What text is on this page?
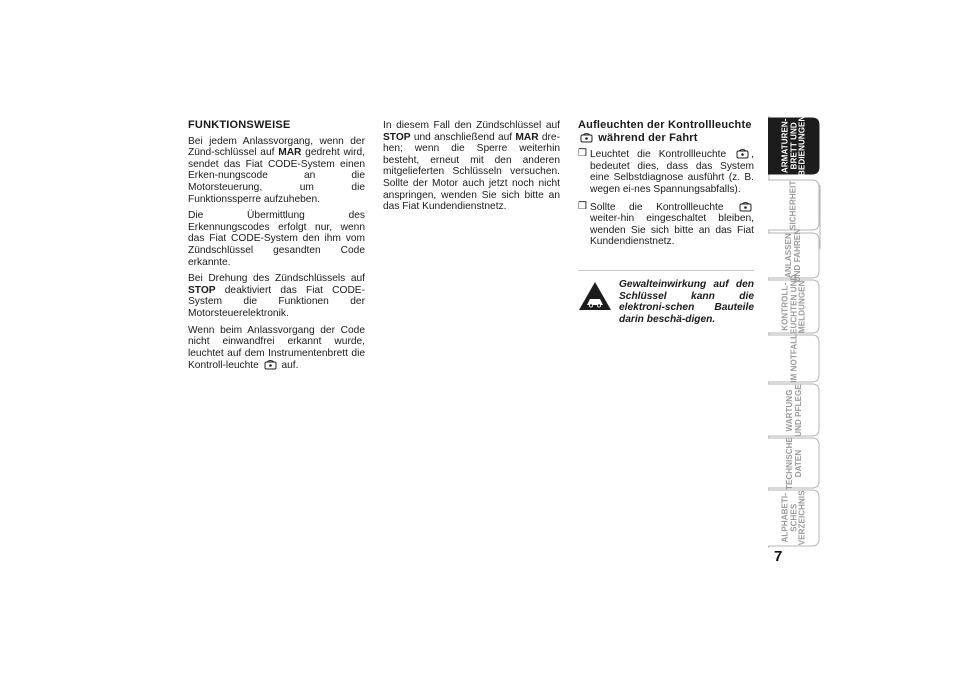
FUNKTIONSWEISE

Bei jedem Anlassvorgang, wenn der Zünd-schlüssel auf MAR gedreht wird, sendet das Fiat CODE-System einen Erken-nungscode an die Motorsteuerung, um die Funktionssperre aufzuheben.

Die Übermittlung des Erkennungscodes erfolgt nur, wenn das Fiat CODE-System den ihm vom Zündschlüssel gesandten Code erkannte.

Bei Drehung des Zündschlüssels auf STOP deaktiviert das Fiat CODE-System die Funktionen der Motorsteuerelektronik.

Wenn beim Anlassvorgang der Code nicht einwandfrei erkannt wurde, leuchtet auf dem Instrumentenbrett die Kontroll-leuchte
auf.

In diesem Fall den Zündschlüssel auf STOP und anschließend auf MAR dre-hen; wenn die Sperre weiterhin besteht, erneut mit den anderen mitgelieferten Schlüsseln versuchen. Sollte der Motor auch jetzt noch nicht anspringen, wenden Sie sich bitte an das Fiat Kundendienstnetz.

Aufleuchten der Kontrollleuchte

während der Fahrt
❒ Leuchtet die Kontrollleuchte
, bedeutet dies, dass das System eine Selbstdiagnose ausführt (z. B. wegen ei-nes Spannungsabfalls).
❒ Sollte die Kontrollleuchte
weiter-hin eingeschaltet bleiben, wenden Sie sich bitte an das Fiat Kundendienstnetz.
Gewalteinwirkung auf den Schlüssel kann die elektroni-schen Bauteile darin beschä-digen.
ARMATUREN-
BRETT UND
BEDIENUNGEN
SICHERHEIT
ANLASSEN
UND FAHREN
KONTROLL-
LEUCHTEN UND
MELDUNGEN
IM NOTFALL
WARTUNG
UND PFLEGE
TECHNISCHE
DATEN
ALPHABETI-
SCHES
VERZEICHNIS
7
